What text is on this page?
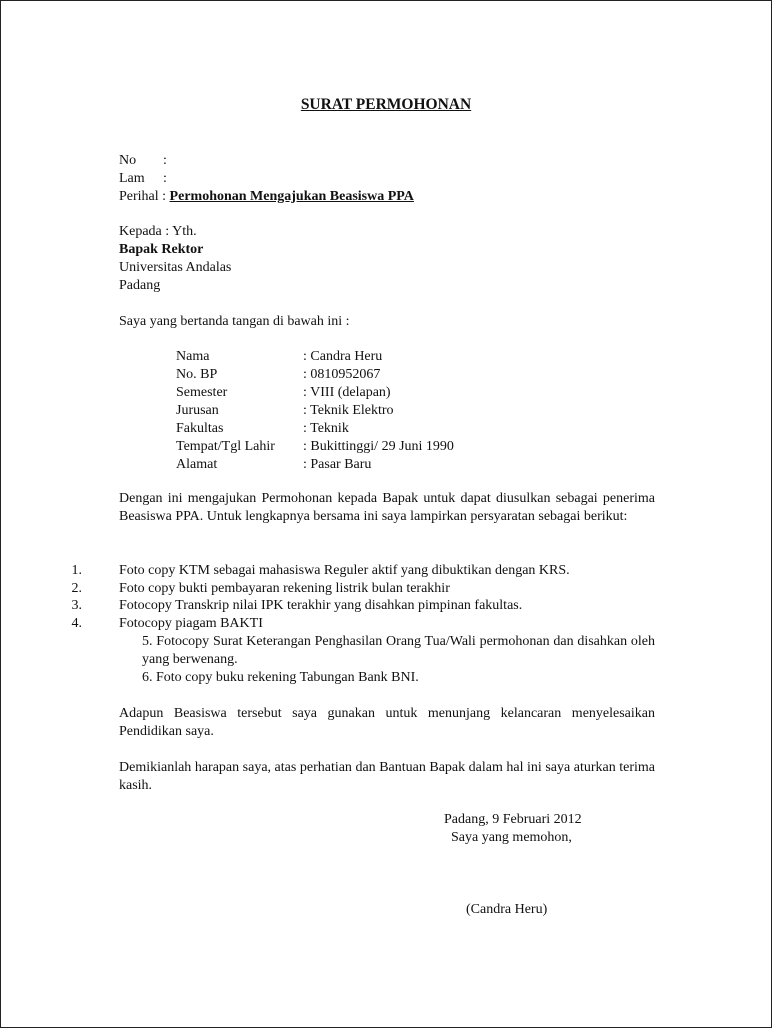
SURAT PERMOHONAN
No :
Lam :
Perihal : Permohonan Mengajukan Beasiswa PPA
Kepada : Yth.
Bapak Rektor
Universitas Andalas
Padang
Saya yang bertanda tangan di bawah ini :
Nama	: Candra Heru
No. BP	: 0810952067
Semester	: VIII (delapan)
Jurusan	: Teknik Elektro
Fakultas	: Teknik
Tempat/Tgl Lahir : Bukittinggi/ 29 Juni 1990
Alamat	: Pasar Baru
Dengan ini mengajukan Permohonan kepada Bapak untuk dapat diusulkan sebagai penerima Beasiswa PPA. Untuk lengkapnya bersama ini saya lampirkan persyaratan sebagai berikut:
1.	Foto copy KTM sebagai mahasiswa Reguler aktif yang dibuktikan dengan KRS.
2.	Foto copy bukti pembayaran rekening listrik bulan terakhir
3.	Fotocopy Transkrip nilai IPK terakhir yang disahkan pimpinan fakultas.
4.	Fotocopy piagam BAKTI
5. Fotocopy Surat Keterangan Penghasilan Orang Tua/Wali permohonan dan disahkan oleh yang berwenang.
6. Foto copy buku rekening Tabungan Bank BNI.
Adapun Beasiswa tersebut saya gunakan untuk menunjang kelancaran menyelesaikan Pendidikan saya.
Demikianlah harapan saya, atas perhatian dan Bantuan Bapak dalam hal ini saya aturkan terima kasih.
Padang, 9 Februari 2012
Saya yang memohon,
(Candra Heru)
